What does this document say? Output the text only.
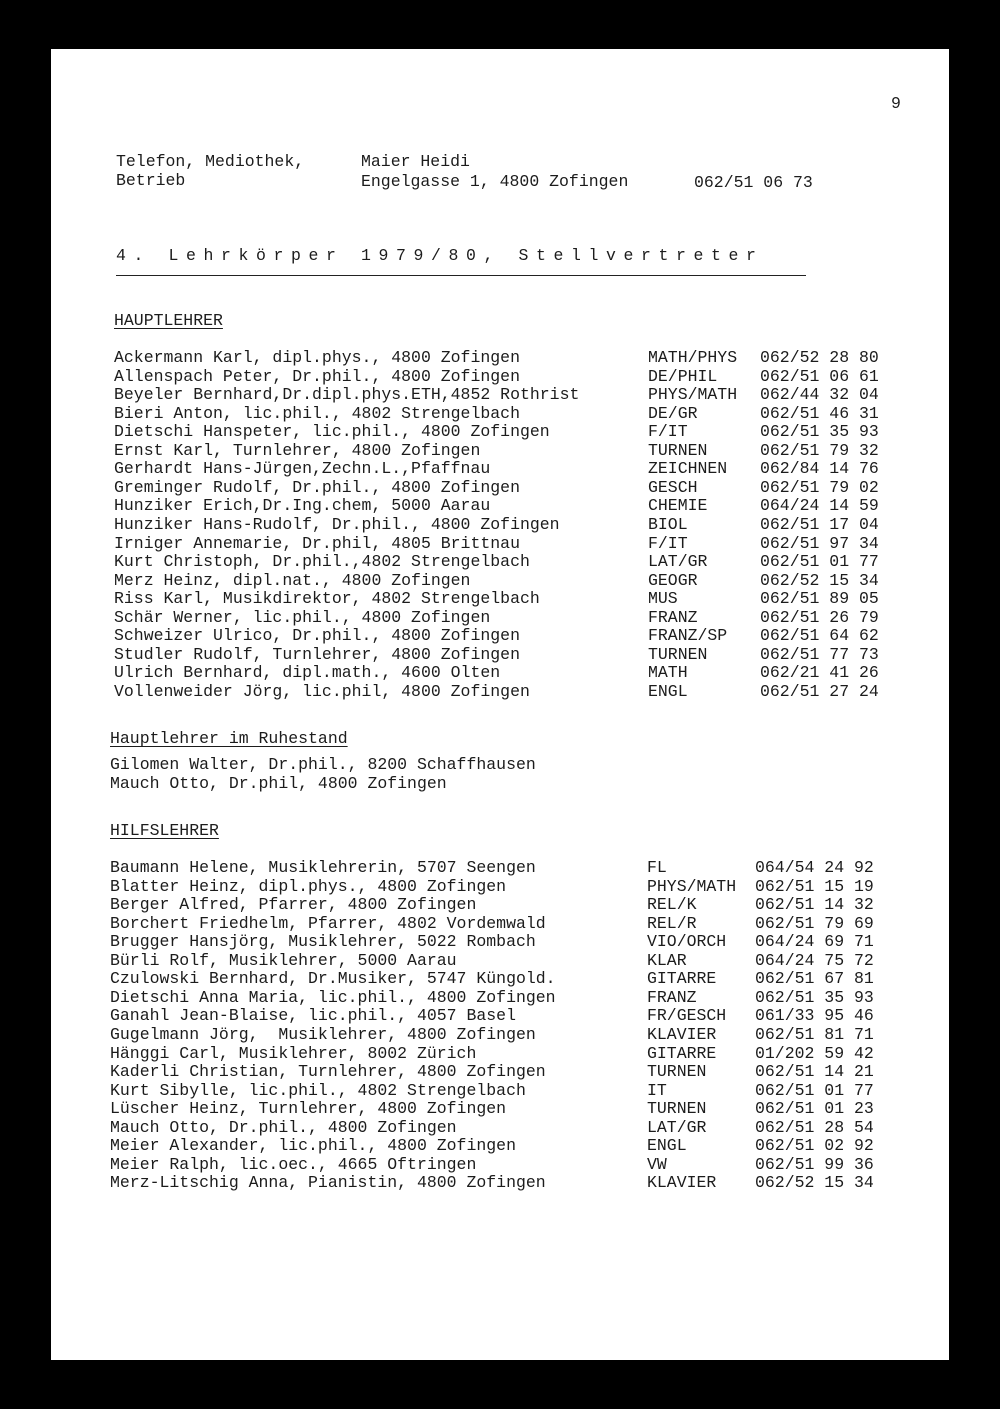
9
Telefon, Mediothek,
Betrieb
Maier Heidi
Engelgasse 1, 4800 Zofingen	062/51 06 73
4. Lehrkörper 1979/80, Stellvertreter
HAUPTLEHRER
Ackermann Karl, dipl.phys., 4800 Zofingen	MATH/PHYS 062/52 28 80
Allenspach Peter, Dr.phil., 4800 Zofingen	DE/PHIL	062/51 06 61
Beyeler Bernhard,Dr.dipl.phys.ETH,4852 Rothrist	PHYS/MATH 062/44 32 04
Bieri Anton, lic.phil., 4802 Strengelbach	DE/GR	062/51 46 31
Dietschi Hanspeter, lic.phil., 4800 Zofingen	F/IT	062/51 35 93
Ernst Karl, Turnlehrer, 4800 Zofingen	TURNEN	062/51 79 32
Gerhardt Hans-Jürgen,Zechn.L.,Pfaffnau	ZEICHNEN 062/84 14 76
Greminger Rudolf, Dr.phil., 4800 Zofingen	GESCH	062/51 79 02
Hunziker Erich,Dr.Ing.chem, 5000 Aarau	CHEMIE	064/24 14 59
Hunziker Hans-Rudolf, Dr.phil., 4800 Zofingen	BIOL	062/51 17 04
Irniger Annemarie, Dr.phil, 4805 Brittnau	F/IT	062/51 97 34
Kurt Christoph, Dr.phil.,4802 Strengelbach	LAT/GR	062/51 01 77
Merz Heinz, dipl.nat., 4800 Zofingen	GEOGR	062/52 15 34
Riss Karl, Musikdirektor, 4802 Strengelbach	MUS	062/51 89 05
Schär Werner, lic.phil., 4800 Zofingen	FRANZ	062/51 26 79
Schweizer Ulrico, Dr.phil., 4800 Zofingen	FRANZ/SP 062/51 64 62
Studler Rudolf, Turnlehrer, 4800 Zofingen	TURNEN	062/51 77 73
Ulrich Bernhard, dipl.math., 4600 Olten	MATH	062/21 41 26
Vollenweider Jörg, lic.phil, 4800 Zofingen	ENGL	062/51 27 24
Hauptlehrer im Ruhestand
Gilomen Walter, Dr.phil., 8200 Schaffhausen
Mauch Otto, Dr.phil, 4800 Zofingen
HILFSLEHRER
Baumann Helene, Musiklehrerin, 5707 Seengen	FL	064/54 24 92
Blatter Heinz, dipl.phys., 4800 Zofingen	PHYS/MATH 062/51 15 19
Berger Alfred, Pfarrer, 4800 Zofingen	REL/K	062/51 14 32
Borchert Friedhelm, Pfarrer, 4802 Vordemwald	REL/R	062/51 79 69
Brugger Hansjörg, Musiklehrer, 5022 Rombach	VIO/ORCH 064/24 69 71
Bürli Rolf, Musiklehrer, 5000 Aarau	KLAR	064/24 75 72
Czulowski Bernhard, Dr.Musiker, 5747 Küngold.	GITARRE 062/51 67 81
Dietschi Anna Maria, lic.phil., 4800 Zofingen	FRANZ	062/51 35 93
Ganahl Jean-Blaise, lic.phil., 4057 Basel	FR/GESCH 061/33 95 46
Gugelmann Jörg,  Musiklehrer, 4800 Zofingen	KLAVIER 062/51 81 71
Hänggi Carl, Musiklehrer, 8002 Zürich	GITARRE 01/202 59 42
Kaderli Christian, Turnlehrer, 4800 Zofingen	TURNEN	062/51 14 21
Kurt Sibylle, lic.phil., 4802 Strengelbach	IT	062/51 01 77
Lüscher Heinz, Turnlehrer, 4800 Zofingen	TURNEN	062/51 01 23
Mauch Otto, Dr.phil., 4800 Zofingen	LAT/GR	062/51 28 54
Meier Alexander, lic.phil., 4800 Zofingen	ENGL	062/51 02 92
Meier Ralph, lic.oec., 4665 Oftringen	VW	062/51 99 36
Merz-Litschig Anna, Pianistin, 4800 Zofingen	KLAVIER 062/52 15 34
